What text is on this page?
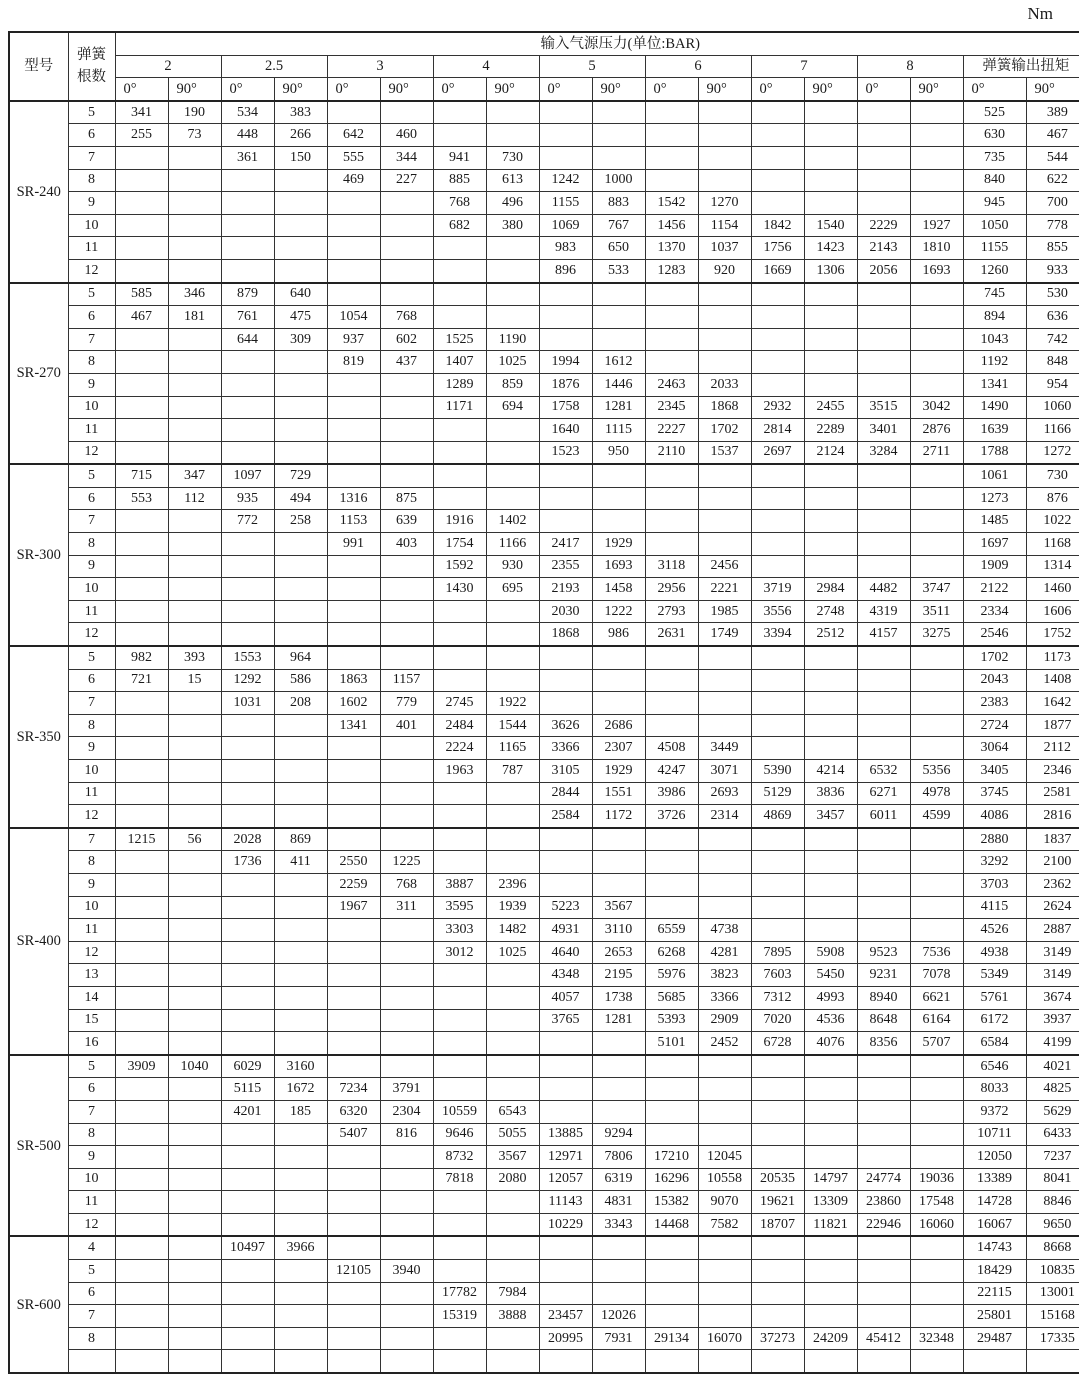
Nm
型号	弹簧根数	输入气源压力(单位:BAR)																	
		2		2.5		3		4		5		6		7		8		弹簧输出扭矩	
		0°	90°	0°	90°	0°	90°	0°	90°	0°	90°	0°	90°	0°	90°	0°	90°	0°	90°
SR-240	5	341	190	534	383													525	389
	6	255	73	448	266	642	460											630	467
	7			361	150	555	344	941	730									735	544
	8					469	227	885	613	1242	1000							840	622
	9							768	496	1155	883	1542	1270					945	700
	10							682	380	1069	767	1456	1154	1842	1540	2229	1927	1050	778
	11									983	650	1370	1037	1756	1423	2143	1810	1155	855
	12									896	533	1283	920	1669	1306	2056	1693	1260	933
SR-270	5	585	346	879	640													745	530
	6	467	181	761	475	1054	768											894	636
	7			644	309	937	602	1525	1190									1043	742
	8					819	437	1407	1025	1994	1612							1192	848
	9							1289	859	1876	1446	2463	2033					1341	954
	10							1171	694	1758	1281	2345	1868	2932	2455	3515	3042	1490	1060
	11									1640	1115	2227	1702	2814	2289	3401	2876	1639	1166
	12									1523	950	2110	1537	2697	2124	3284	2711	1788	1272
SR-300	5	715	347	1097	729													1061	730
	6	553	112	935	494	1316	875											1273	876
	7			772	258	1153	639	1916	1402									1485	1022
	8					991	403	1754	1166	2417	1929							1697	1168
	9							1592	930	2355	1693	3118	2456					1909	1314
	10							1430	695	2193	1458	2956	2221	3719	2984	4482	3747	2122	1460
	11									2030	1222	2793	1985	3556	2748	4319	3511	2334	1606
	12									1868	986	2631	1749	3394	2512	4157	3275	2546	1752
SR-350	5	982	393	1553	964													1702	1173
	6	721	15	1292	586	1863	1157											2043	1408
	7			1031	208	1602	779	2745	1922									2383	1642
	8					1341	401	2484	1544	3626	2686							2724	1877
	9							2224	1165	3366	2307	4508	3449					3064	2112
	10							1963	787	3105	1929	4247	3071	5390	4214	6532	5356	3405	2346
	11									2844	1551	3986	2693	5129	3836	6271	4978	3745	2581
	12									2584	1172	3726	2314	4869	3457	6011	4599	4086	2816
SR-400	7	1215	56	2028	869													2880	1837
	8			1736	411	2550	1225											3292	2100
	9					2259	768	3887	2396									3703	2362
	10					1967	311	3595	1939	5223	3567							4115	2624
	11							3303	1482	4931	3110	6559	4738					4526	2887
	12							3012	1025	4640	2653	6268	4281	7895	5908	9523	7536	4938	3149
	13									4348	2195	5976	3823	7603	5450	9231	7078	5349	3149
	14									4057	1738	5685	3366	7312	4993	8940	6621	5761	3674
	15									3765	1281	5393	2909	7020	4536	8648	6164	6172	3937
	16											5101	2452	6728	4076	8356	5707	6584	4199
SR-500	5	3909	1040	6029	3160													6546	4021
	6			5115	1672	7234	3791											8033	4825
	7			4201	185	6320	2304	10559	6543									9372	5629
	8					5407	816	9646	5055	13885	9294							10711	6433
	9							8732	3567	12971	7806	17210	12045					12050	7237
	10							7818	2080	12057	6319	16296	10558	20535	14797	24774	19036	13389	8041
	11									11143	4831	15382	9070	19621	13309	23860	17548	14728	8846
	12									10229	3343	14468	7582	18707	11821	22946	16060	16067	9650
SR-600	4			10497	3966													14743	8668
	5					12105	3940											18429	10835
	6							17782	7984									22115	13001
	7							15319	3888	23457	12026							25801	15168
	8									20995	7931	29134	16070	37273	24209	45412	32348	29487	17335
